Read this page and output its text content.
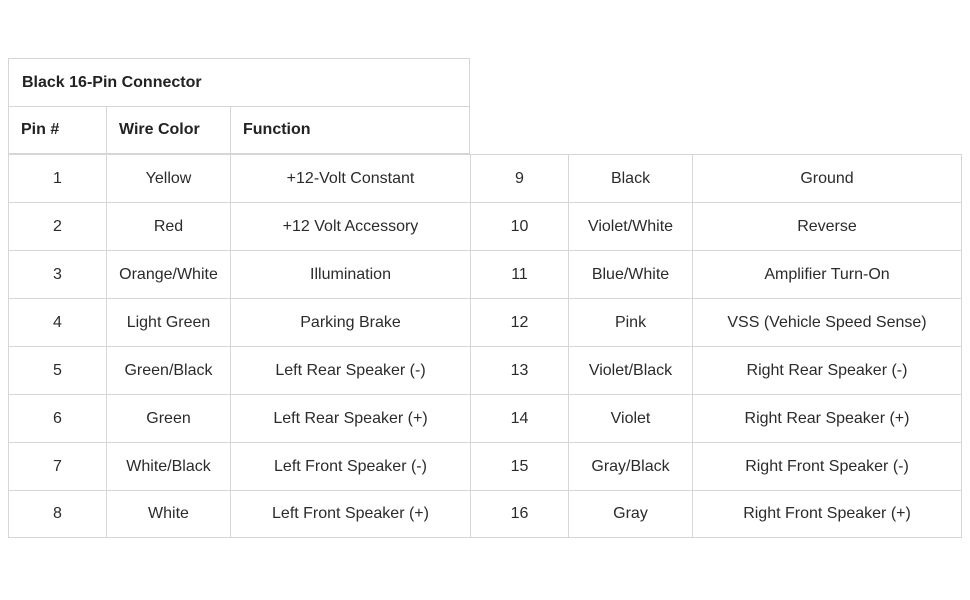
Black 16-Pin Connector
Pin #	Wire Color	Function
1	Yellow	+12-Volt Constant	9	Black	Ground
2	Red	+12 Volt Accessory	10	Violet/White	Reverse
3	Orange/White	Illumination	11	Blue/White	Amplifier Turn-On
4	Light Green	Parking Brake	12	Pink	VSS (Vehicle Speed Sense)
5	Green/Black	Left Rear Speaker (-)	13	Violet/Black	Right Rear Speaker (-)
6	Green	Left Rear Speaker (+)	14	Violet	Right Rear Speaker (+)
7	White/Black	Left Front Speaker (-)	15	Gray/Black	Right Front Speaker (-)
8	White	Left Front Speaker (+)	16	Gray	Right Front Speaker (+)
